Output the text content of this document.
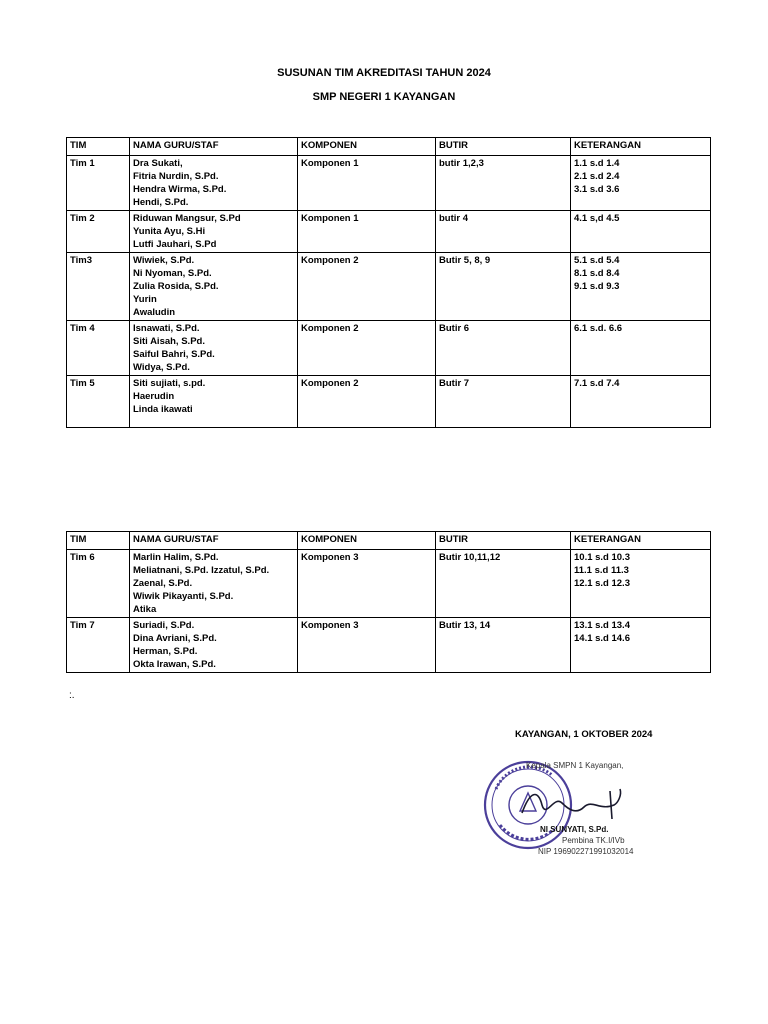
SUSUNAN TIM AKREDITASI TAHUN 2024
SMP NEGERI 1 KAYANGAN
TIM	NAMA GURU/STAF	KOMPONEN	BUTIR	KETERANGAN
Tim 1	Dra Sukati,
Fitria Nurdin, S.Pd.
Hendra Wirma, S.Pd.
Hendi, S.Pd.	Komponen 1	butir 1,2,3	1.1 s.d 1.4
2.1 s.d 2.4
3.1 s.d 3.6

Tim 2	Riduwan Mangsur, S.Pd
Yunita Ayu, S.Hi
Lutfi Jauhari, S.Pd	Komponen 1	butir 4	4.1 s,d 4.5

Tim3	Wiwiek, S.Pd.
Ni Nyoman, S.Pd.
Zulia Rosida, S.Pd.
Yurin
Awaludin	Komponen 2	Butir 5, 8, 9	5.1 s.d 5.4
8.1 s.d 8.4
9.1 s.d 9.3

Tim 4	Isnawati, S.Pd.
Siti Aisah, S.Pd.
Saiful Bahri, S.Pd.
Widya, S.Pd.	Komponen 2	Butir 6	6.1 s.d. 6.6

Tim 5	Siti sujiati, s.pd.
Haerudin
Linda ikawati	Komponen 2	Butir 7	7.1 s.d 7.4
TIM	NAMA GURU/STAF	KOMPONEN	BUTIR	KETERANGAN
Tim 6	Marlin Halim, S.Pd.
Meliatnani, S.Pd. Izzatul, S.Pd.
Zaenal, S.Pd.
Wiwik Pikayanti, S.Pd.
Atika	Komponen 3	Butir 10,11,12	10.1 s.d 10.3
11.1 s.d 11.3
12.1 s.d 12.3

Tim 7	Suriadi, S.Pd.
Dina Avriani, S.Pd.
Herman, S.Pd.
Okta Irawan, S.Pd.	Komponen 3	Butir 13, 14	13.1 s.d 13.4
14.1 s.d 14.6
:.
KAYANGAN, 1 OKTOBER 2024
Kepala SMPN 1 Kayangan,
NI SUNYATI, S.Pd.
Pembina TK.I/IVb
NIP 196902271991032014
